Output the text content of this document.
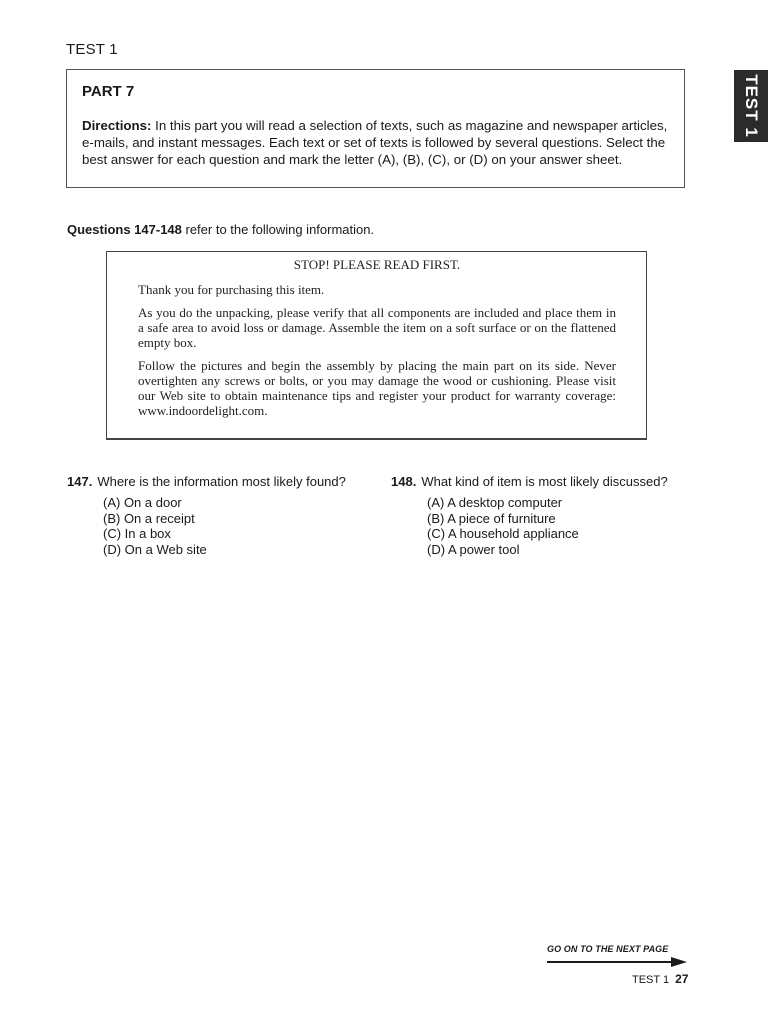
TEST 1
TEST 1

PART 7

Directions: In this part you will read a selection of texts, such as magazine and newspaper articles, e-mails, and instant messages. Each text or set of texts is followed by several questions. Select the best answer for each question and mark the letter (A), (B), (C), or (D) on your answer sheet.

Questions 147-148 refer to the following information.

STOP! PLEASE READ FIRST.

Thank you for purchasing this item.

As you do the unpacking, please verify that all components are included and place them in a safe area to avoid loss or damage. Assemble the item on a soft surface or on the flattened empty box.

Follow the pictures and begin the assembly by placing the main part on its side. Never overtighten any screws or bolts, or you may damage the wood or cushioning. Please visit our Web site to obtain maintenance tips and register your product for warranty coverage: www.indoordelight.com.

147. Where is the information most likely found?

(A) On a door
(B) On a receipt
(C) In a box
(D) On a Web site

148. What kind of item is most likely discussed?

(A) A desktop computer
(B) A piece of furniture
(C) A household appliance
(D) A power tool
GO ON TO THE NEXT PAGE
TEST 1 27
